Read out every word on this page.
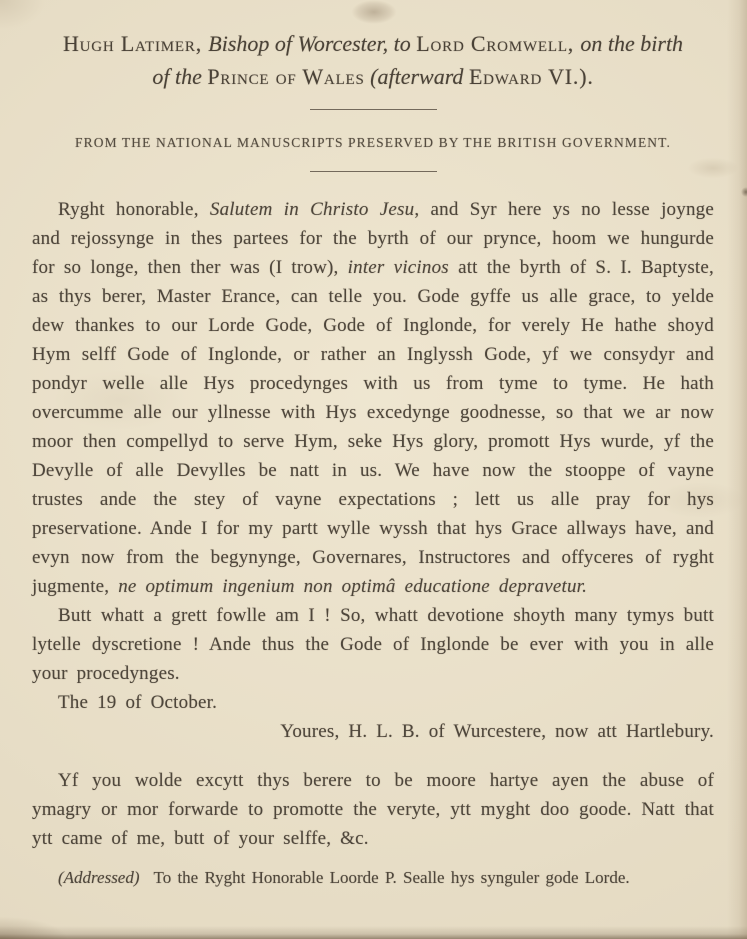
Hugh Latimer, Bishop of Worcester, to Lord Cromwell, on the birth
of the Prince of Wales (afterward Edward VI.).
FROM THE NATIONAL MANUSCRIPTS PRESERVED BY THE BRITISH GOVERNMENT.

Ryght honorable, Salutem in Christo Jesu, and Syr here ys no lesse joynge and rejossynge in thes partees for the byrth of our prynce, hoom we hungurde for so longe, then ther was (I trow), inter vicinos att the byrth of S. I. Baptyste, as thys berer, Master Erance, can telle you. Gode gyffe us alle grace, to yelde dew thankes to our Lorde Gode, Gode of Inglonde, for verely He hathe shoyd Hym selff Gode of Inglonde, or rather an Inglyssh Gode, yf we consydyr and pondyr welle alle Hys procedynges with us from tyme to tyme. He hath overcumme alle our yllnesse with Hys excedynge goodnesse, so that we ar now moor then compellyd to serve Hym, seke Hys glory, promott Hys wurde, yf the Devylle of alle Devylles be natt in us. We have now the stooppe of vayne trustes ande the stey of vayne expectations ; lett us alle pray for hys preservatione. Ande I for my partt wylle wyssh that hys Grace allways have, and evyn now from the begynynge, Governares, Instructores and offyceres of ryght jugmente, ne optimum ingenium non optimâ educatione depravetur.

Butt whatt a grett fowlle am I ! So, whatt devotione shoyth many tymys butt lytelle dyscretione ! Ande thus the Gode of Inglonde be ever with you in alle your procedynges.

The 19 of October.

Youres, H. L. B. of Wurcestere, now att Hartlebury.

Yf you wolde excytt thys berere to be moore hartye ayen the abuse of ymagry or mor forwarde to promotte the veryte, ytt myght doo goode. Natt that ytt came of me, butt of your selffe, &c.

(Addressed) To the Ryght Honorable Loorde P. Sealle hys synguler gode Lorde.
